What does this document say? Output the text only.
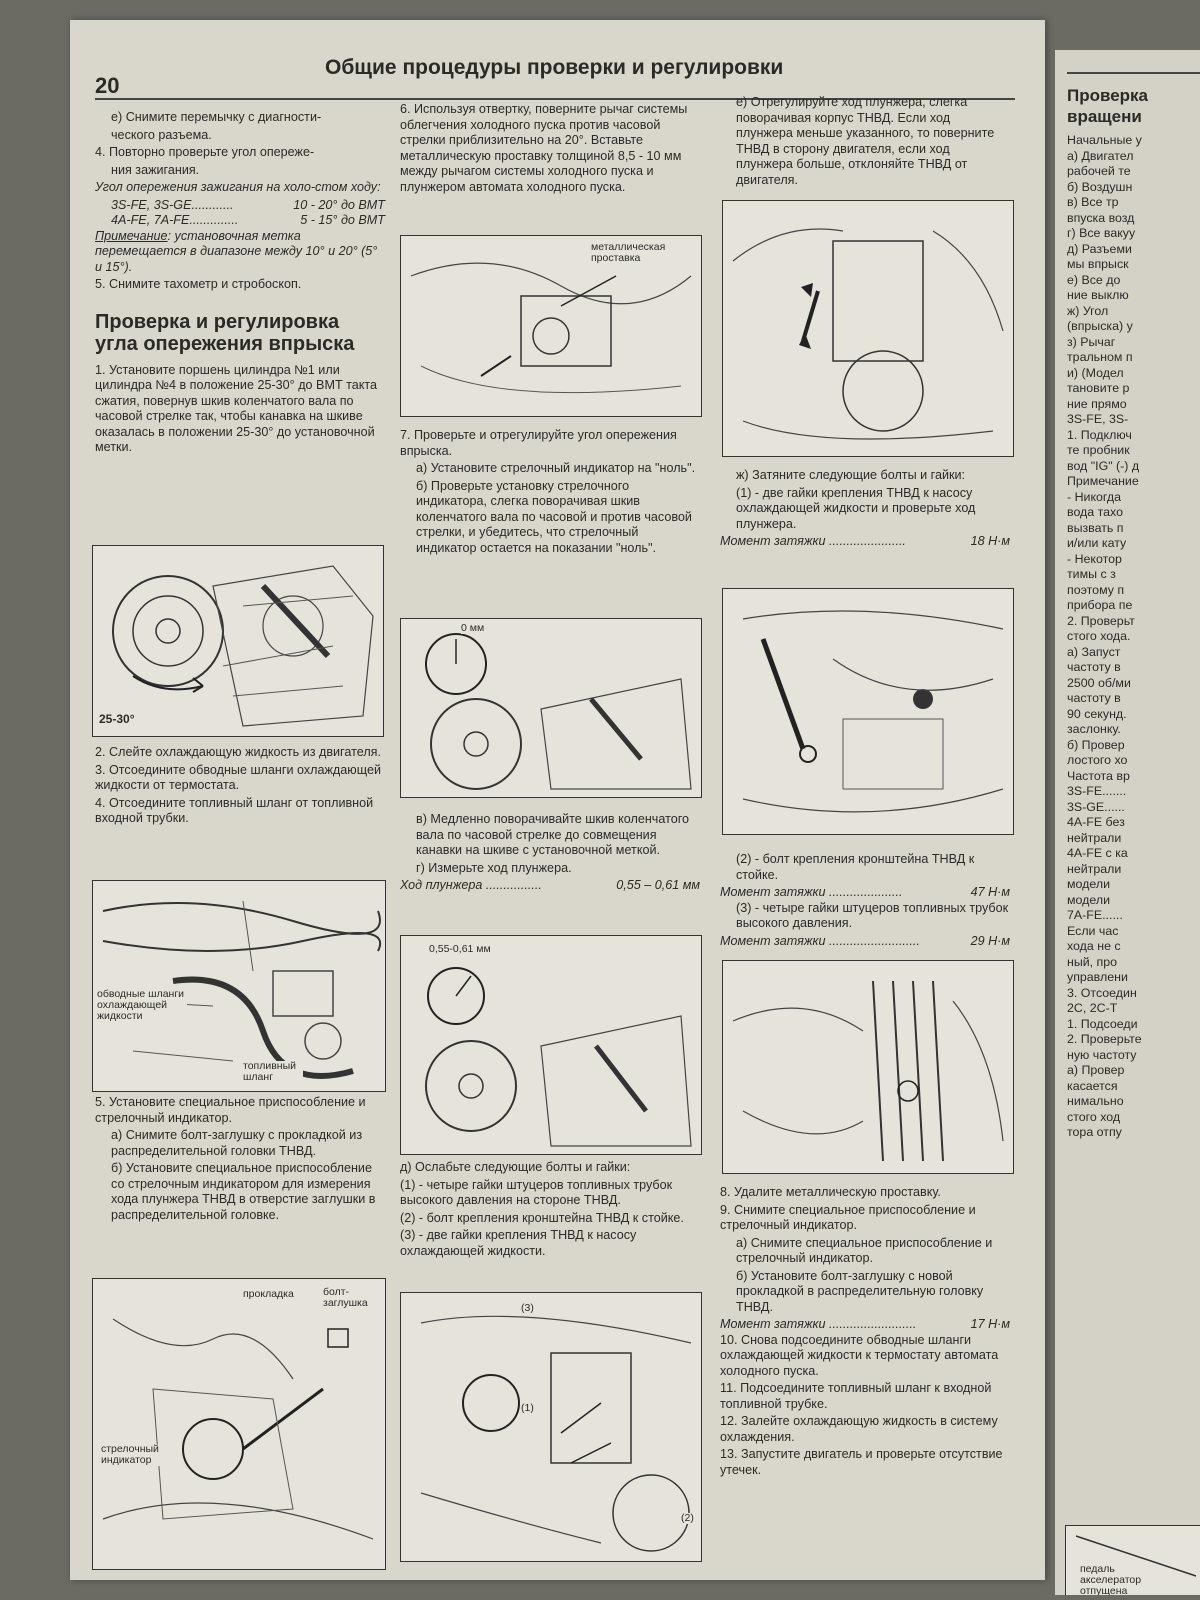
20
Общие процедуры проверки и регулировки

е) Снимите перемычку с диагности-

ческого разъема.

4. Повторно проверьте угол опереже-

ния зажигания.

Угол опережения зажигания на холо-стом ходу:

3S-FE, 3S-GE............	10 - 20° до ВМТ
4A-FE, 7A-FE..............	5 - 15° до ВМТ

Примечание: установочная метка перемещается в диапазоне между 10° и 20° (5° и 15°).

5. Снимите тахометр и стробоскоп.

Проверка и регулировка угла опережения впрыска

1. Установите поршень цилиндра №1 или цилиндра №4 в положение 25-30° до ВМТ такта сжатия, повернув шкив коленчатого вала по часовой стрелке так, чтобы канавка на шкиве оказалась в положении 25-30° до установочной метки.

25-30°

2. Слейте охлаждающую жидкость из двигателя.

3. Отсоедините обводные шланги охлаждающей жидкости от термостата.

4. Отсоедините топливный шланг от топливной входной трубки.

обводные шланги охлаждающей жидкости
топливный шланг

5. Установите специальное приспособление и стрелочный индикатор.

а) Снимите болт-заглушку с прокладкой из распределительной головки ТНВД.

б) Установите специальное приспособление со стрелочным индикатором для измерения хода плунжера ТНВД в отверстие заглушки в распределительной головке.

прокладка	болт-заглушка
стрелочный индикатор

6. Используя отвертку, поверните рычаг системы облегчения холодного пуска против часовой стрелки приблизительно на 20°. Вставьте металлическую проставку толщиной 8,5 - 10 мм между рычагом системы холодного пуска и плунжером автомата холодного пуска.

металлическая проставка

7. Проверьте и отрегулируйте угол опережения впрыска.

а) Установите стрелочный индикатор на "ноль".

б) Проверьте установку стрелочного индикатора, слегка поворачивая шкив коленчатого вала по часовой и против часовой стрелки, и убедитесь, что стрелочный индикатор остается на показании "ноль".

0 мм

в) Медленно поворачивайте шкив коленчатого вала по часовой стрелке до совмещения канавки на шкиве с установочной меткой.

г) Измерьте ход плунжера.

Ход плунжера ................	0,55 – 0,61 мм
0,55-0,61 мм

д) Ослабьте следующие болты и гайки:

(1) - четыре гайки штуцеров топливных трубок высокого давления на стороне ТНВД.

(2) - болт крепления кронштейна ТНВД к стойке.

(3) - две гайки крепления ТНВД к насосу охлаждающей жидкости.

(1)
(2)
(3)

е) Отрегулируйте ход плунжера, слегка поворачивая корпус ТНВД. Если ход плунжера меньше указанного, то поверните ТНВД в сторону двигателя, если ход плунжера больше, отклоняйте ТНВД от двигателя.

ж) Затяните следующие болты и гайки:

(1) - две гайки крепления ТНВД к насосу охлаждающей жидкости и проверьте ход плунжера.

Момент затяжки ......................	18 Н·м

(2) - болт крепления кронштейна ТНВД к стойке.

Момент затяжки .....................	47 Н·м

(3) - четыре гайки штуцеров топливных трубок высокого давления.

Момент затяжки ..........................	29 Н·м

8. Удалите металлическую проставку.

9. Снимите специальное приспособление и стрелочный индикатор.

а) Снимите специальное приспособление и стрелочный индикатор.

б) Установите болт-заглушку с новой прокладкой в распределительную головку ТНВД.

Момент затяжки .........................	17 Н·м

10. Снова подсоедините обводные шланги охлаждающей жидкости к термостату автомата холодного пуска.

11. Подсоедините топливный шланг к входной топливной трубке.

12. Залейте охлаждающую жидкость в систему охлаждения.

13. Запустите двигатель и проверьте отсутствие утечек.

Проверка
вращени
Начальные у
а) Двигател
рабочей те
б) Воздушн
в) Все тр
впуска возд
г) Все вакуу
д) Разъеми
мы впрыск
е) Все до
ние выклю
ж) Угол
(впрыска) у
з) Рычаг
тральном п
и) (Модел
тановите р
ние прямо
3S-FE, 3S-
1. Подключ
те пробник
вод "IG" (-) д
Примечание
- Никогда
вода тахо
вызвать п
и/или кату
- Некотор
тимы с з
поэтому п
прибора пе
2. Проверьт
стого хода.
а) Запуст
частоту в
2500 об/ми
частоту в
90 секунд.
заслонку.
б) Провер
лостого хо
Частота вр
3S-FE.......
3S-GE......
4A-FE без
нейтрали
4A-FE с ка
нейтрали
модели
модели
7A-FE......
Если час
хода не с
ный, про
управлени
3. Отсоедин
2C, 2C-T
1. Подсоеди
2. Проверьте
ную частоту
а) Провер
касается
нимально
стого ход
тора отпу
педаль
акселератор
отпущена
